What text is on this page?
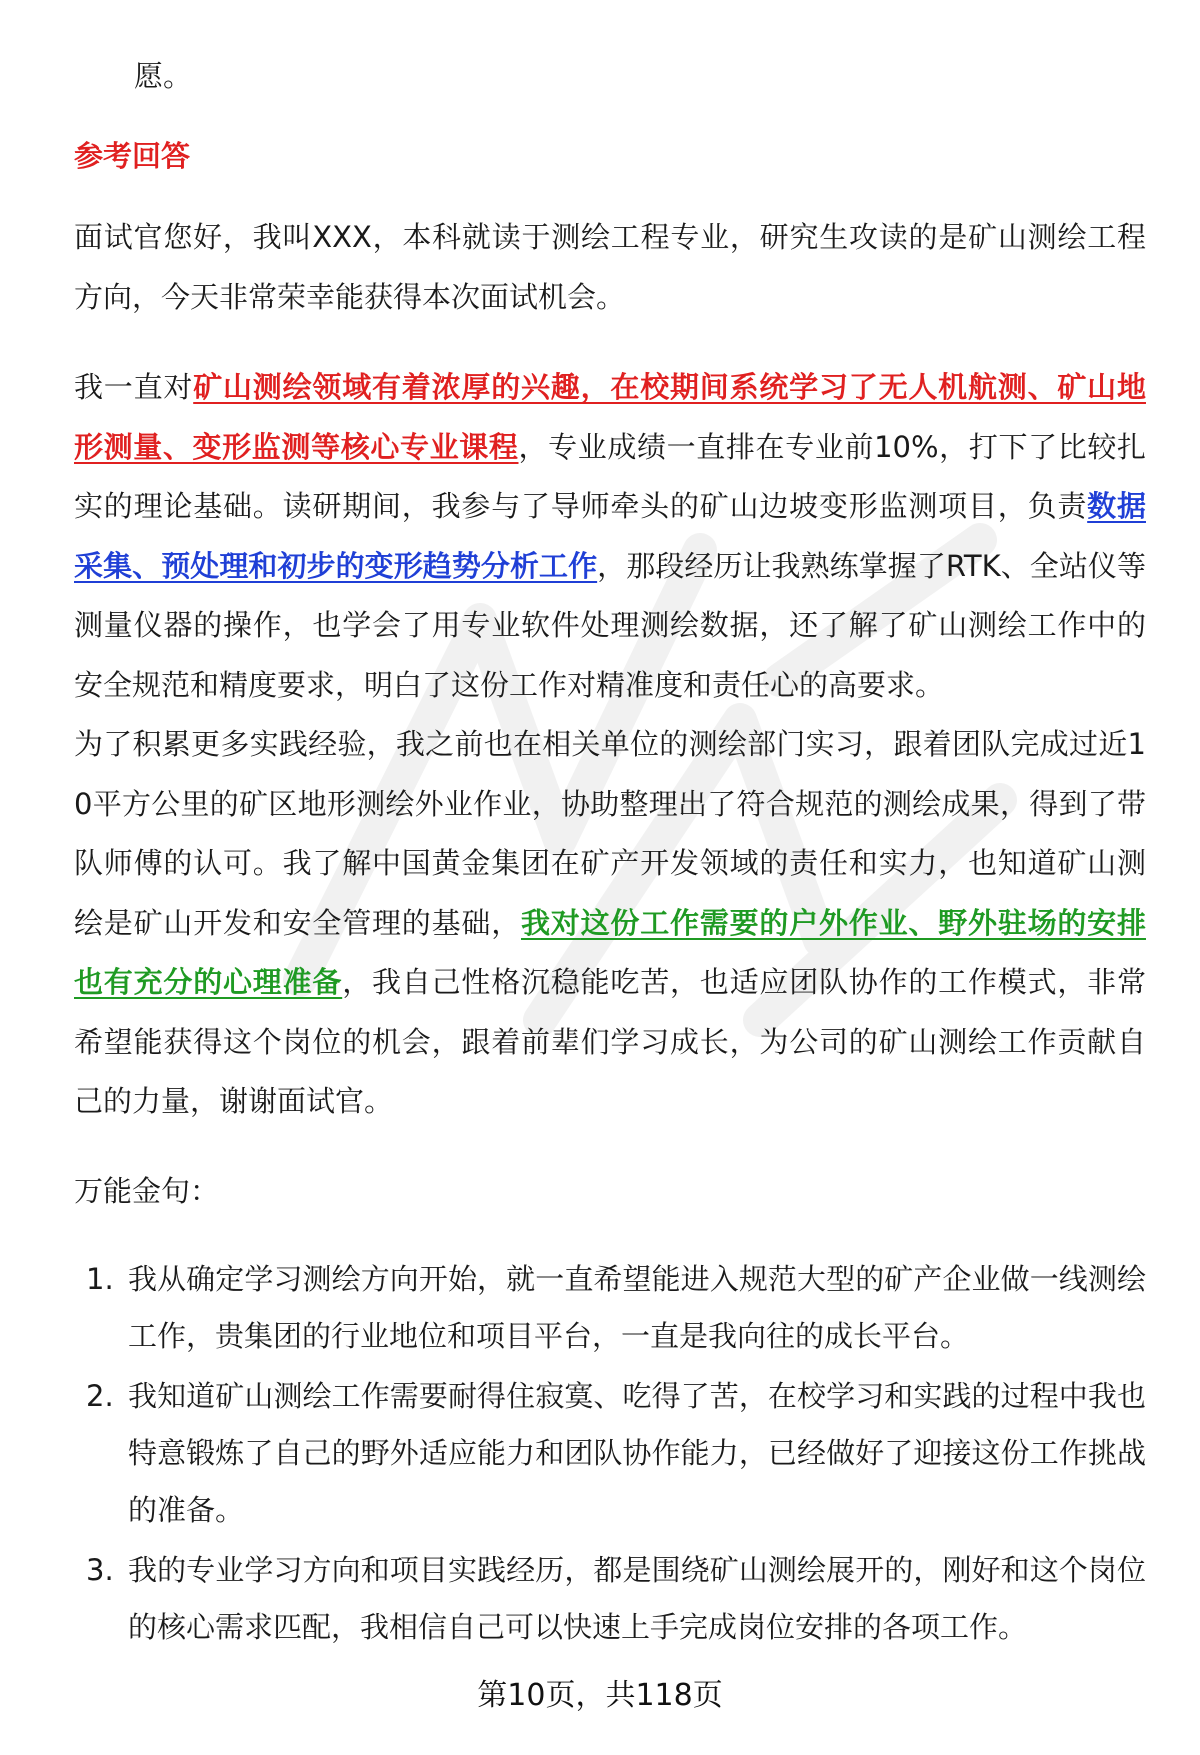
愿。
参考回答

面试官您好，我叫XXX，本科就读于测绘工程专业，研究生攻读的是矿山测绘工程方向，今天非常荣幸能获得本次面试机会。

我一直对矿山测绘领域有着浓厚的兴趣，在校期间系统学习了无人机航测、矿山地形测量、变形监测等核心专业课程，专业成绩一直排在专业前10%，打下了比较扎实的理论基础。读研期间，我参与了导师牵头的矿山边坡变形监测项目，负责数据采集、预处理和初步的变形趋势分析工作，那段经历让我熟练掌握了RTK、全站仪等测量仪器的操作，也学会了用专业软件处理测绘数据，还了解了矿山测绘工作中的安全规范和精度要求，明白了这份工作对精准度和责任心的高要求。

为了积累更多实践经验，我之前也在相关单位的测绘部门实习，跟着团队完成过近10平方公里的矿区地形测绘外业作业，协助整理出了符合规范的测绘成果，得到了带队师傅的认可。我了解中国黄金集团在矿产开发领域的责任和实力，也知道矿山测绘是矿山开发和安全管理的基础，我对这份工作需要的户外作业、野外驻场的安排也有充分的心理准备，我自己性格沉稳能吃苦，也适应团队协作的工作模式，非常希望能获得这个岗位的机会，跟着前辈们学习成长，为公司的矿山测绘工作贡献自己的力量，谢谢面试官。

万能金句：

1. 我从确定学习测绘方向开始，就一直希望能进入规范大型的矿产企业做一线测绘工作，贵集团的行业地位和项目平台，一直是我向往的成长平台。
2. 我知道矿山测绘工作需要耐得住寂寞、吃得了苦，在校学习和实践的过程中我也特意锻炼了自己的野外适应能力和团队协作能力，已经做好了迎接这份工作挑战的准备。
3. 我的专业学习方向和项目实践经历，都是围绕矿山测绘展开的，刚好和这个岗位的核心需求匹配，我相信自己可以快速上手完成岗位安排的各项工作。
第10页，共118页
